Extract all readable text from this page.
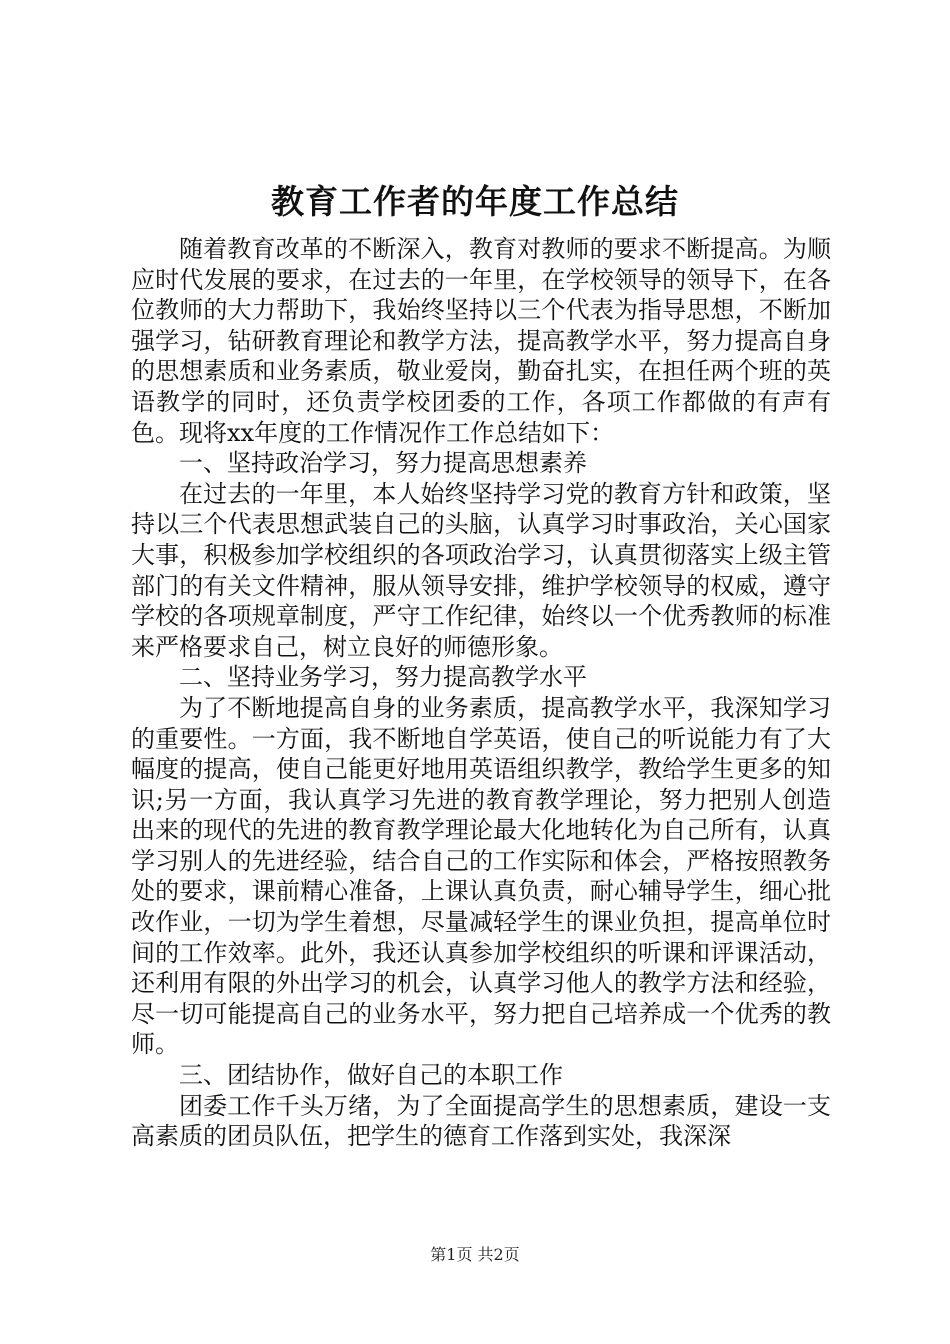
教育工作者的年度工作总结

随着教育改革的不断深入，教育对教师的要求不断提高。为顺应时代发展的要求，在过去的一年里，在学校领导的领导下，在各位教师的大力帮助下，我始终坚持以三个代表为指导思想，不断加强学习，钻研教育理论和教学方法，提高教学水平，努力提高自身的思想素质和业务素质，敬业爱岗，勤奋扎实，在担任两个班的英语教学的同时，还负责学校团委的工作，各项工作都做的有声有色。现将xx年度的工作情况作工作总结如下：

一、坚持政治学习，努力提高思想素养

在过去的一年里，本人始终坚持学习党的教育方针和政策，坚持以三个代表思想武装自己的头脑，认真学习时事政治，关心国家大事，积极参加学校组织的各项政治学习，认真贯彻落实上级主管部门的有关文件精神，服从领导安排，维护学校领导的权威，遵守学校的各项规章制度，严守工作纪律，始终以一个优秀教师的标准来严格要求自己，树立良好的师德形象。

二、坚持业务学习，努力提高教学水平

为了不断地提高自身的业务素质，提高教学水平，我深知学习的重要性。一方面，我不断地自学英语，使自己的听说能力有了大幅度的提高，使自己能更好地用英语组织教学，教给学生更多的知识;另一方面，我认真学习先进的教育教学理论，努力把别人创造出来的现代的先进的教育教学理论最大化地转化为自己所有，认真学习别人的先进经验，结合自己的工作实际和体会，严格按照教务处的要求，课前精心准备，上课认真负责，耐心辅导学生，细心批改作业，一切为学生着想，尽量减轻学生的课业负担，提高单位时间的工作效率。此外，我还认真参加学校组织的听课和评课活动，还利用有限的外出学习的机会，认真学习他人的教学方法和经验，尽一切可能提高自己的业务水平，努力把自己培养成一个优秀的教师。

三、团结协作，做好自己的本职工作

团委工作千头万绪，为了全面提高学生的思想素质，建设一支高素质的团员队伍，把学生的德育工作落到实处，我深深

第1页 共2页
